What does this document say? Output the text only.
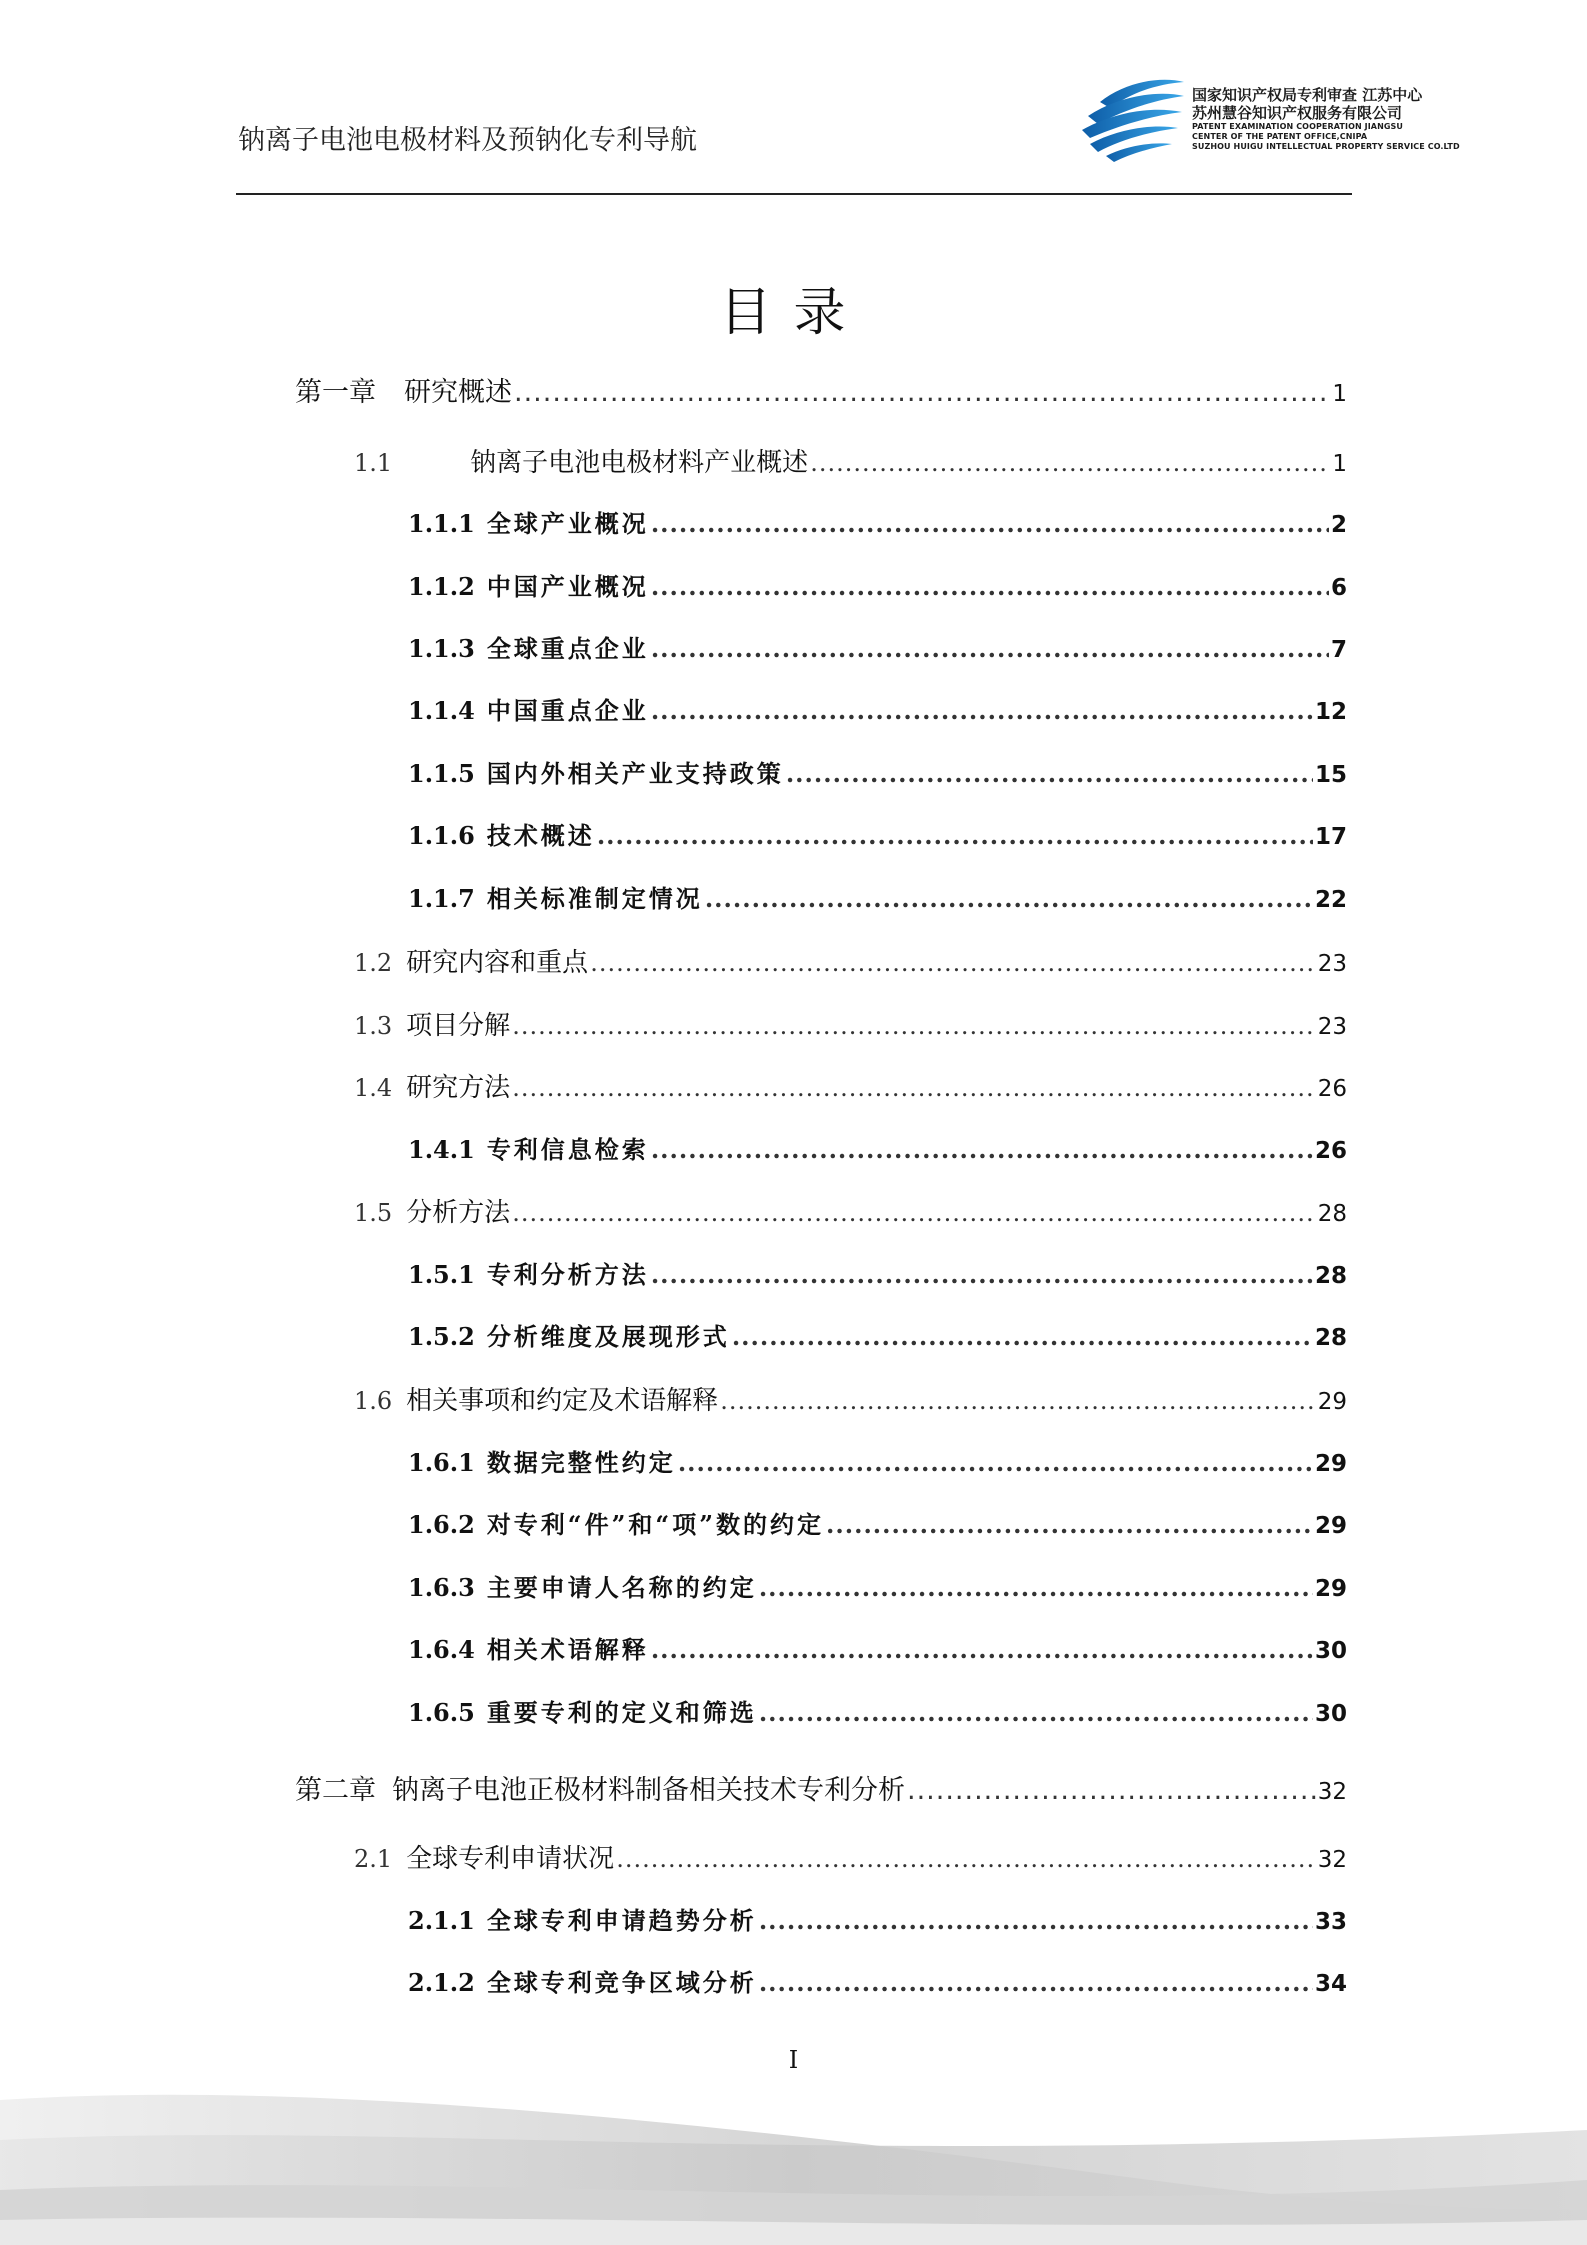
钠离子电池电极材料及预钠化专利导航
国家知识产权局专利审查 江苏中心
苏州慧谷知识产权服务有限公司
PATENT EXAMINATION COOPERATION JIANGSU
CENTER OF THE PATENT OFFICE,CNIPA
SUZHOU HUIGU INTELLECTUAL PROPERTY SERVICE CO.LTD
目录
第一章 研究概述 .....	1
1.1	钠离子电池电极材料产业概述 .....	1
1.1.1 全球产业概况 .....	2
1.1.2 中国产业概况 .....	6
1.1.3 全球重点企业 .....	7
1.1.4 中国重点企业 .....	12
1.1.5 国内外相关产业支持政策 .....	15
1.1.6 技术概述 .....	17
1.1.7 相关标准制定情况 .....	22
1.2 研究内容和重点 .....	23
1.3 项目分解 .....	23
1.4 研究方法 .....	26
1.4.1 专利信息检索 .....	26
1.5 分析方法 .....	28
1.5.1 专利分析方法 .....	28
1.5.2 分析维度及展现形式 .....	28
1.6 相关事项和约定及术语解释 .....	29
1.6.1 数据完整性约定 .....	29
1.6.2 对专利“件”和“项”数的约定 .....	29
1.6.3 主要申请人名称的约定 .....	29
1.6.4 相关术语解释 .....	30
1.6.5 重要专利的定义和筛选 .....	30
第二章 钠离子电池正极材料制备相关技术专利分析 .....	32
2.1 全球专利申请状况 .....	32
2.1.1 全球专利申请趋势分析 .....	33
2.1.2 全球专利竞争区域分析 .....	34
I
